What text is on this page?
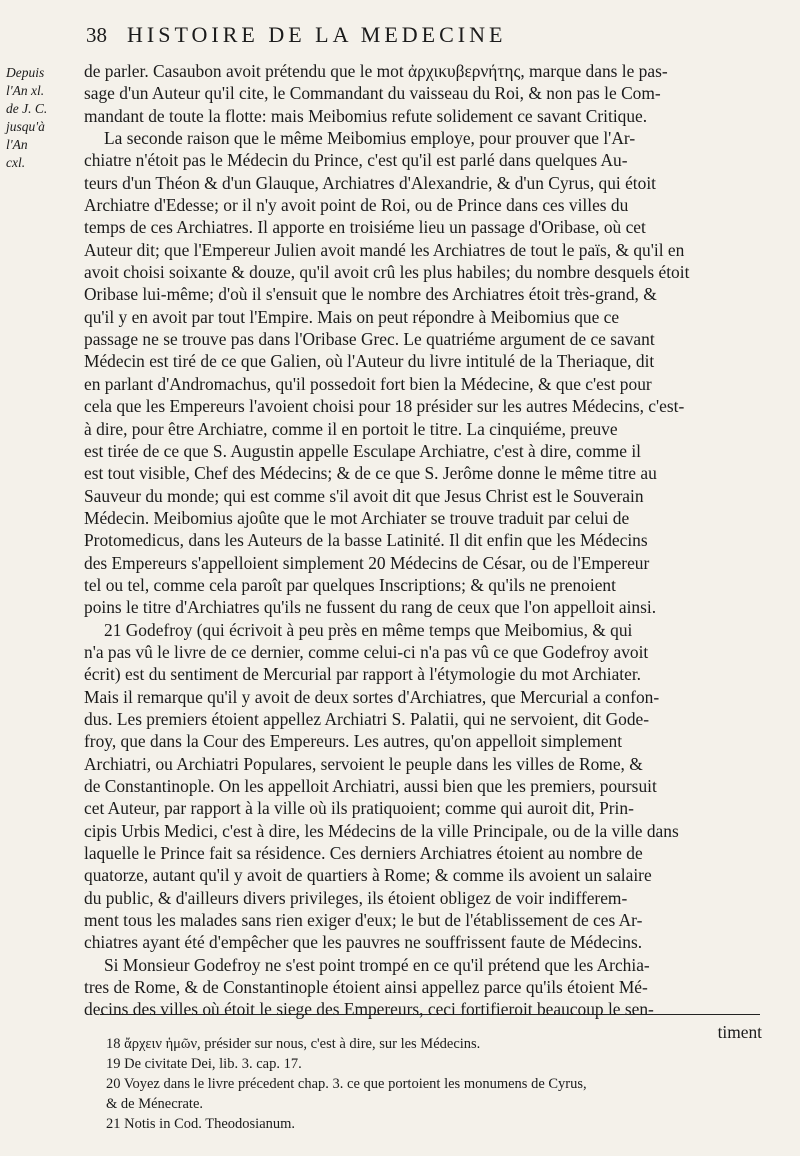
38 HISTOIRE DE LA MEDECINE
Depuis
l'An xl.
de J. C.
jusqu'à
l'An
cxl.
de parler. Casaubon avoit prétendu que le mot ἀρχικυβερνήτης, marque dans le pas-
sage d'un Auteur qu'il cite, le Commandant du vaisseau du Roi, & non pas le Com-
mandant de toute la flotte: mais Meibomius refute solidement ce savant Critique.
La seconde raison que le même Meibomius employe, pour prouver que l'Ar-
chiatre n'étoit pas le Médecin du Prince, c'est qu'il est parlé dans quelques Au-
teurs d'un Théon & d'un Glauque, Archiatres d'Alexandrie, & d'un Cyrus, qui étoit
Archiatre d'Edesse; or il n'y avoit point de Roi, ou de Prince dans ces villes du
temps de ces Archiatres. Il apporte en troisiéme lieu un passage d'Oribase, où cet
Auteur dit; que l'Empereur Julien avoit mandé les Archiatres de tout le païs, & qu'il en
avoit choisi soixante & douze, qu'il avoit crû les plus habiles; du nombre desquels étoit
Oribase lui-même; d'où il s'ensuit que le nombre des Archiatres étoit très-grand, &
qu'il y en avoit par tout l'Empire. Mais on peut répondre à Meibomius que ce
passage ne se trouve pas dans l'Oribase Grec. Le quatriéme argument de ce savant
Médecin est tiré de ce que Galien, où l'Auteur du livre intitulé de la Theriaque, dit
en parlant d'Andromachus, qu'il possedoit fort bien la Médecine, & que c'est pour
cela que les Empereurs l'avoient choisi pour 18 présider sur les autres Médecins, c'est-
à dire, pour être Archiatre, comme il en portoit le titre. La cinquiéme, preuve
est tirée de ce que S. Augustin appelle Esculape Archiatre, c'est à dire, comme il
est tout visible, Chef des Médecins; & de ce que S. Jerôme donne le même titre au
Sauveur du monde; qui est comme s'il avoit dit que Jesus Christ est le Souverain
Médecin. Meibomius ajoûte que le mot Archiater se trouve traduit par celui de
Protomedicus, dans les Auteurs de la basse Latinité. Il dit enfin que les Médecins
des Empereurs s'appelloient simplement 20 Médecins de César, ou de l'Empereur
tel ou tel, comme cela paroît par quelques Inscriptions; & qu'ils ne prenoient
poins le titre d'Archiatres qu'ils ne fussent du rang de ceux que l'on appelloit ainsi.
21 Godefroy (qui écrivoit à peu près en même temps que Meibomius, & qui
n'a pas vû le livre de ce dernier, comme celui-ci n'a pas vû ce que Godefroy avoit
écrit) est du sentiment de Mercurial par rapport à l'étymologie du mot Archiater.
Mais il remarque qu'il y avoit de deux sortes d'Archiatres, que Mercurial a confon-
dus. Les premiers étoient appellez Archiatri S. Palatii, qui ne servoient, dit Gode-
froy, que dans la Cour des Empereurs. Les autres, qu'on appelloit simplement
Archiatri, ou Archiatri Populares, servoient le peuple dans les villes de Rome, &
de Constantinople. On les appelloit Archiatri, aussi bien que les premiers, poursuit
cet Auteur, par rapport à la ville où ils pratiquoient; comme qui auroit dit, Prin-
cipis Urbis Medici, c'est à dire, les Médecins de la ville Principale, ou de la ville dans
laquelle le Prince fait sa résidence. Ces derniers Archiatres étoient au nombre de
quatorze, autant qu'il y avoit de quartiers à Rome; & comme ils avoient un salaire
du public, & d'ailleurs divers privileges, ils étoient obligez de voir indifferem-
ment tous les malades sans rien exiger d'eux; le but de l'établissement de ces Ar-
chiatres ayant été d'empêcher que les pauvres ne souffrissent faute de Médecins.
Si Monsieur Godefroy ne s'est point trompé en ce qu'il prétend que les Archia-
tres de Rome, & de Constantinople étoient ainsi appellez parce qu'ils étoient Mé-
decins des villes où étoit le siege des Empereurs, ceci fortifieroit beaucoup le sen-
timent
18 ἄρχειν ἡμῶν, présider sur nous, c'est à dire, sur les Médecins.
19 De civitate Dei, lib. 3. cap. 17.
20 Voyez dans le livre précedent chap. 3. ce que portoient les monumens de Cyrus,
& de Ménecrate.
21 Notis in Cod. Theodosianum.
